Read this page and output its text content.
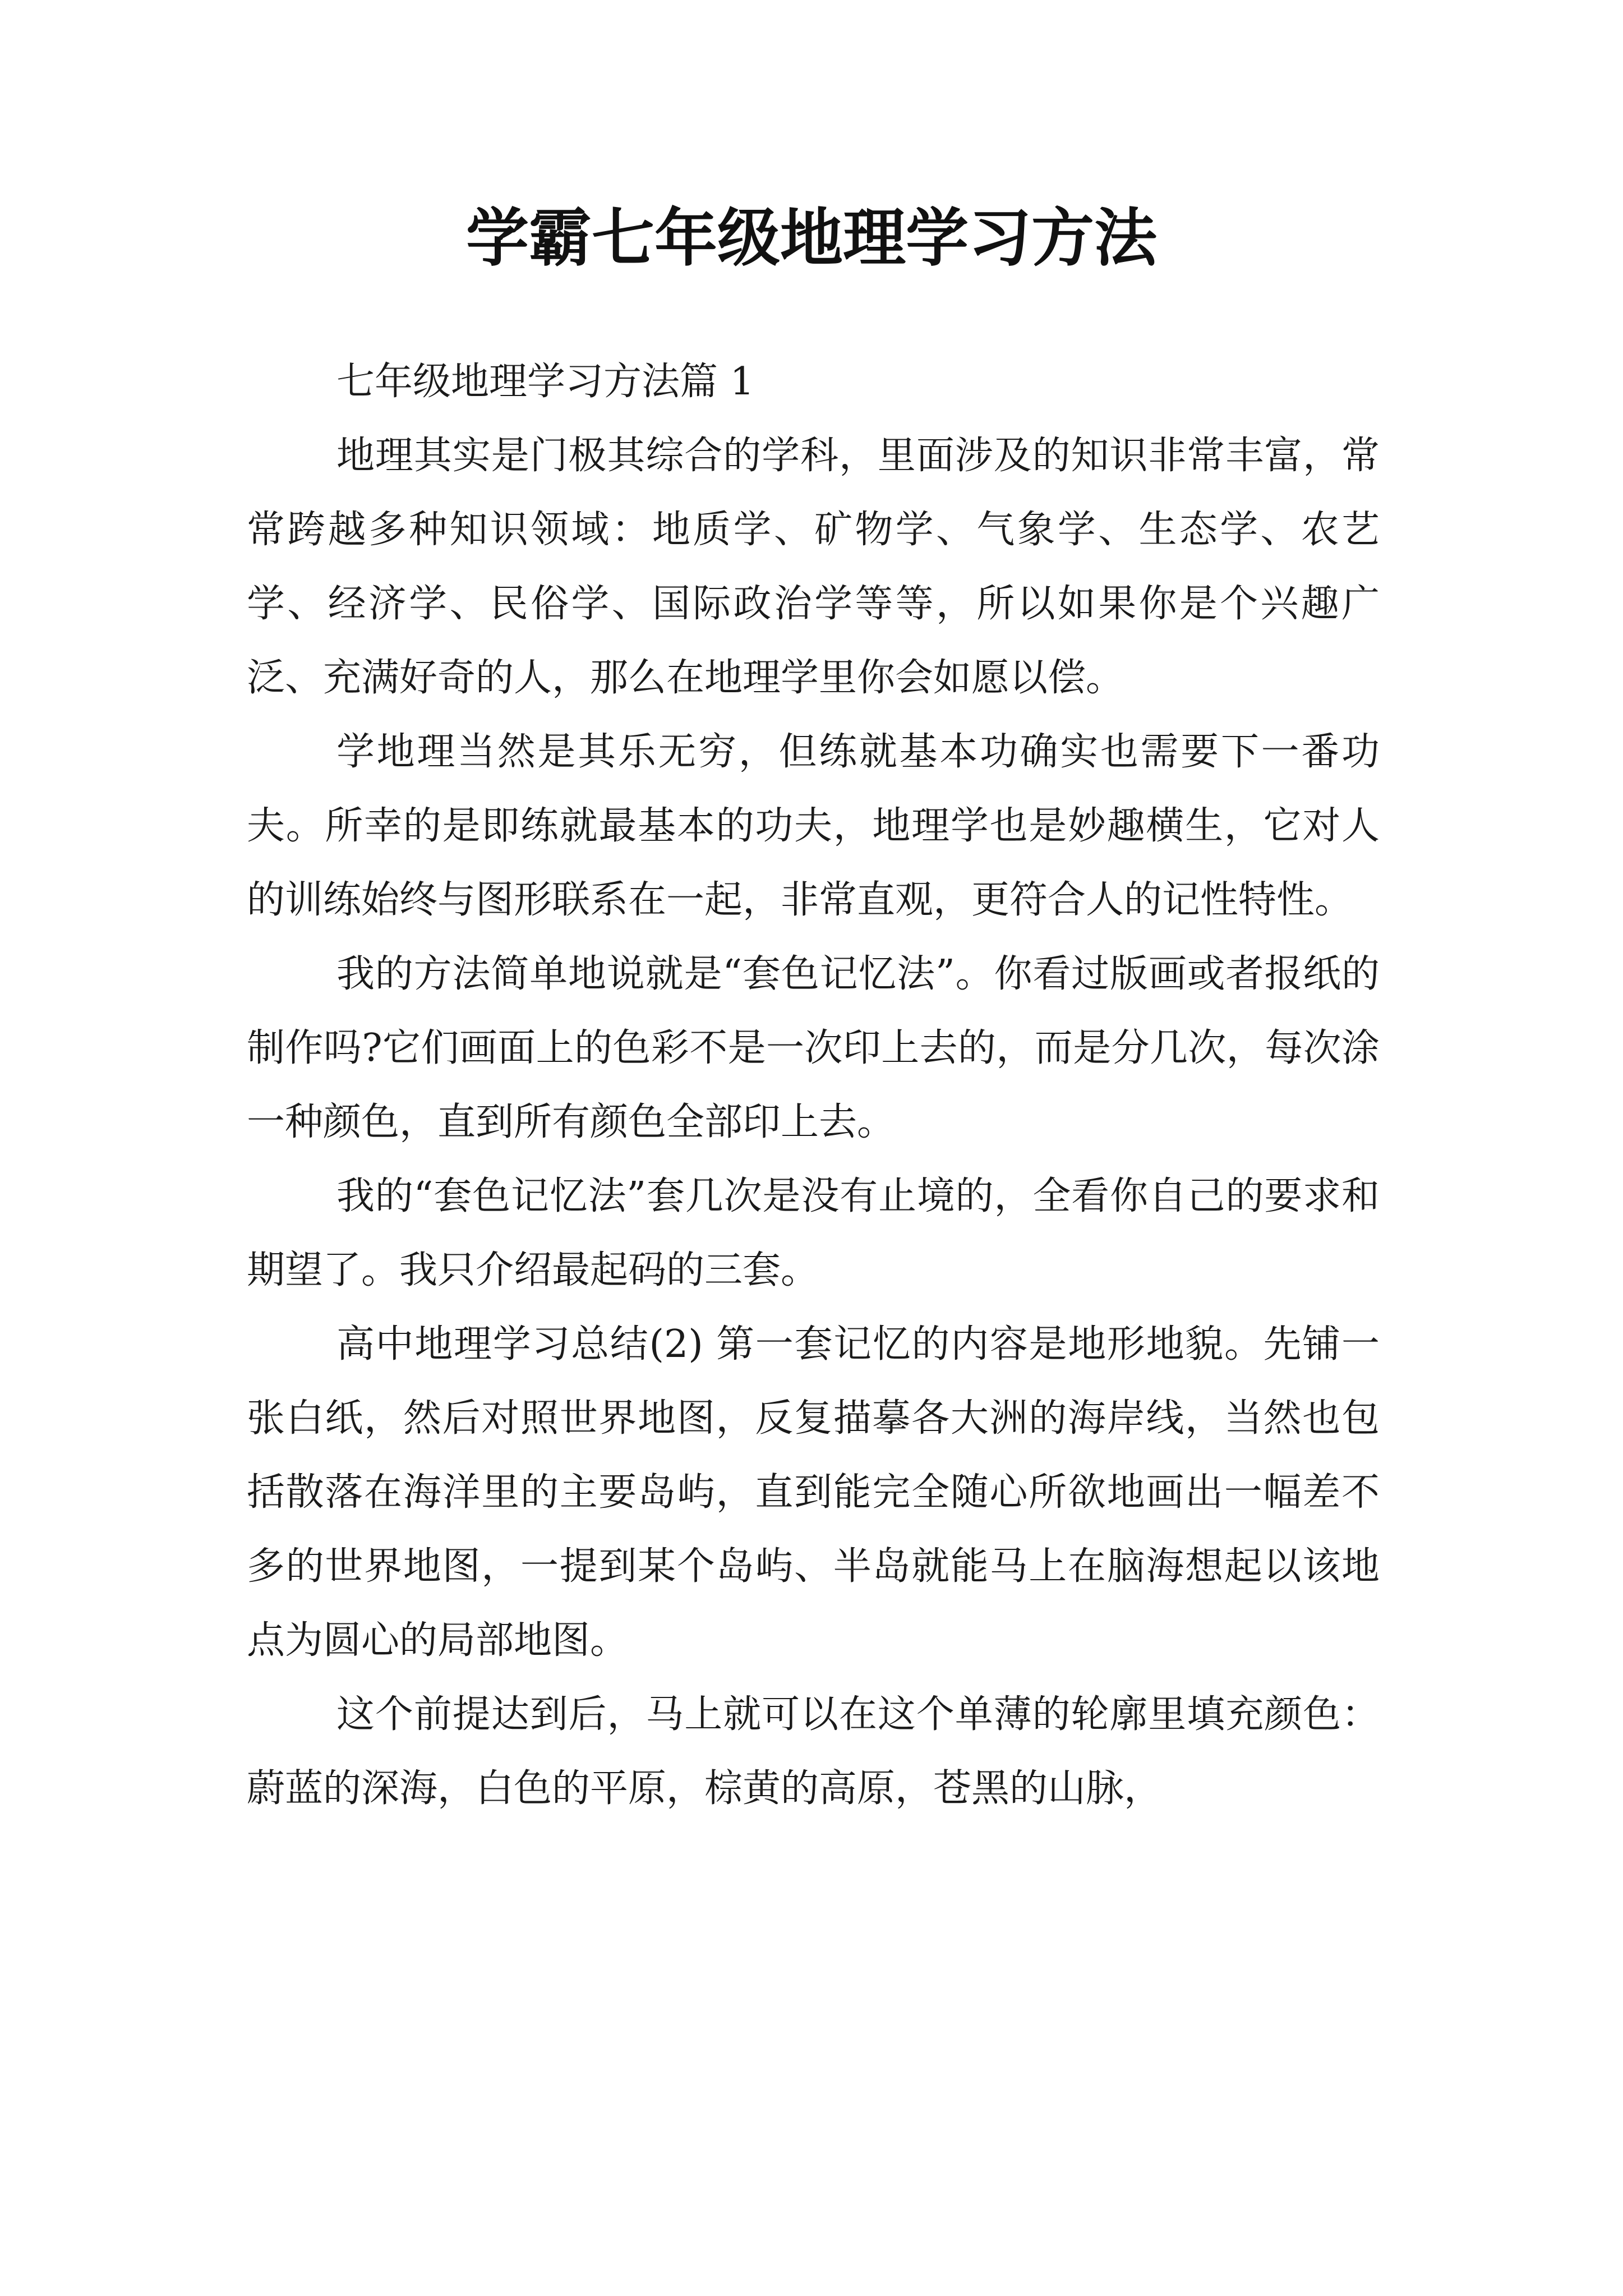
学霸七年级地理学习方法

七年级地理学习方法篇 1

地理其实是门极其综合的学科，里面涉及的知识非常丰富，常常跨越多种知识领域：地质学、矿物学、气象学、生态学、农艺学、经济学、民俗学、国际政治学等等，所以如果你是个兴趣广泛、充满好奇的人，那么在地理学里你会如愿以偿。

学地理当然是其乐无穷，但练就基本功确实也需要下一番功夫。所幸的是即练就最基本的功夫，地理学也是妙趣横生，它对人的训练始终与图形联系在一起，非常直观，更符合人的记性特性。

我的方法简单地说就是“套色记忆法”。你看过版画或者报纸的制作吗?它们画面上的色彩不是一次印上去的，而是分几次，每次涂一种颜色，直到所有颜色全部印上去。

我的“套色记忆法”套几次是没有止境的，全看你自己的要求和期望了。我只介绍最起码的三套。

高中地理学习总结(2) 第一套记忆的内容是地形地貌。先铺一张白纸，然后对照世界地图，反复描摹各大洲的海岸线，当然也包括散落在海洋里的主要岛屿，直到能完全随心所欲地画出一幅差不多的世界地图，一提到某个岛屿、半岛就能马上在脑海想起以该地点为圆心的局部地图。

这个前提达到后，马上就可以在这个单薄的轮廓里填充颜色：蔚蓝的深海，白色的平原，棕黄的高原，苍黑的山脉，
